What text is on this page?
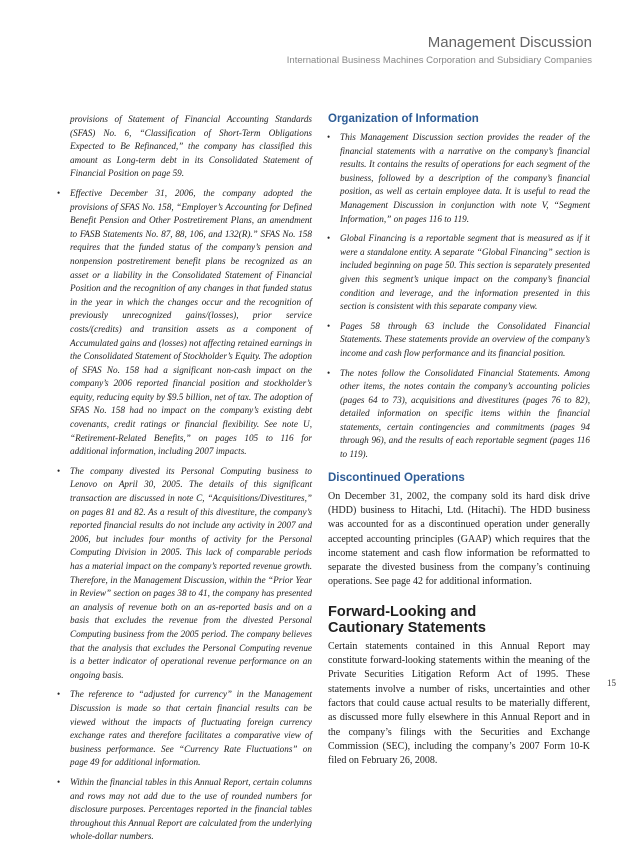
Management Discussion
International Business Machines Corporation and Subsidiary Companies

provisions of Statement of Financial Accounting Standards (SFAS) No. 6, “Classification of Short-Term Obligations Expected to Be Refinanced,” the company has classified this amount as Long-term debt in its Consolidated Statement of Financial Position on page 59.

• Effective December 31, 2006, the company adopted the provisions of SFAS No. 158, “Employer’s Accounting for Defined Benefit Pension and Other Postretirement Plans, an amendment to FASB Statements No. 87, 88, 106, and 132(R).” SFAS No. 158 requires that the funded status of the company’s pension and nonpension postretirement benefit plans be recognized as an asset or a liability in the Consolidated Statement of Financial Position and the recognition of any changes in that funded status in the year in which the changes occur and the recognition of previously unrecognized gains/(losses), prior service costs/(credits) and transition assets as a component of Accumulated gains and (losses) not affecting retained earnings in the Consolidated Statement of Stockholder’s Equity. The adoption of SFAS No. 158 had a significant non-cash impact on the company’s 2006 reported financial position and stockholder’s equity, reducing equity by $9.5 billion, net of tax. The adoption of SFAS No. 158 had no impact on the company’s existing debt covenants, credit ratings or financial flexibility. See note U, “Retirement-Related Benefits,” on pages 105 to 116 for additional information, including 2007 impacts.
• The company divested its Personal Computing business to Lenovo on April 30, 2005. The details of this significant transaction are discussed in note C, “Acquisitions/Divestitures,” on pages 81 and 82. As a result of this divestiture, the company’s reported financial results do not include any activity in 2007 and 2006, but includes four months of activity for the Personal Computing Division in 2005. This lack of comparable periods has a material impact on the company’s reported revenue growth. Therefore, in the Management Discussion, within the “Prior Year in Review” section on pages 38 to 41, the company has presented an analysis of revenue both on an as-reported basis and on a basis that excludes the revenue from the divested Personal Computing business from the 2005 period. The company believes that the analysis that excludes the Personal Computing revenue is a better indicator of operational revenue performance on an ongoing basis.
• The reference to “adjusted for currency” in the Management Discussion is made so that certain financial results can be viewed without the impacts of fluctuating foreign currency exchange rates and therefore facilitates a comparative view of business performance. See “Currency Rate Fluctuations” on page 49 for additional information.
• Within the financial tables in this Annual Report, certain columns and rows may not add due to the use of rounded numbers for disclosure purposes. Percentages reported in the financial tables throughout this Annual Report are calculated from the underlying whole-dollar numbers.
Organization of Information
• This Management Discussion section provides the reader of the financial statements with a narrative on the company’s financial results. It contains the results of operations for each segment of the business, followed by a description of the company’s financial position, as well as certain employee data. It is useful to read the Management Discussion in conjunction with note V, “Segment Information,” on pages 116 to 119.
• Global Financing is a reportable segment that is measured as if it were a standalone entity. A separate “Global Financing” section is included beginning on page 50. This section is separately presented given this segment’s unique impact on the company’s financial condition and leverage, and the information presented in this section is consistent with this separate company view.
• Pages 58 through 63 include the Consolidated Financial Statements. These statements provide an overview of the company’s income and cash flow performance and its financial position.
• The notes follow the Consolidated Financial Statements. Among other items, the notes contain the company’s accounting policies (pages 64 to 73), acquisitions and divestitures (pages 76 to 82), detailed information on specific items within the financial statements, certain contingencies and commitments (pages 94 through 96), and the results of each reportable segment (pages 116 to 119).
Discontinued Operations

On December 31, 2002, the company sold its hard disk drive (HDD) business to Hitachi, Ltd. (Hitachi). The HDD business was accounted for as a discontinued operation under generally accepted accounting principles (GAAP) which requires that the income statement and cash flow information be reformatted to separate the divested business from the company’s continuing operations. See page 42 for additional information.

Forward-Looking and
Cautionary Statements

Certain statements contained in this Annual Report may constitute forward-looking statements within the meaning of the Private Securities Litigation Reform Act of 1995. These statements involve a number of risks, uncertainties and other factors that could cause actual results to be materially different, as discussed more fully elsewhere in this Annual Report and in the company’s filings with the Securities and Exchange Commission (SEC), including the company’s 2007 Form 10-K filed on February 26, 2008.

15
